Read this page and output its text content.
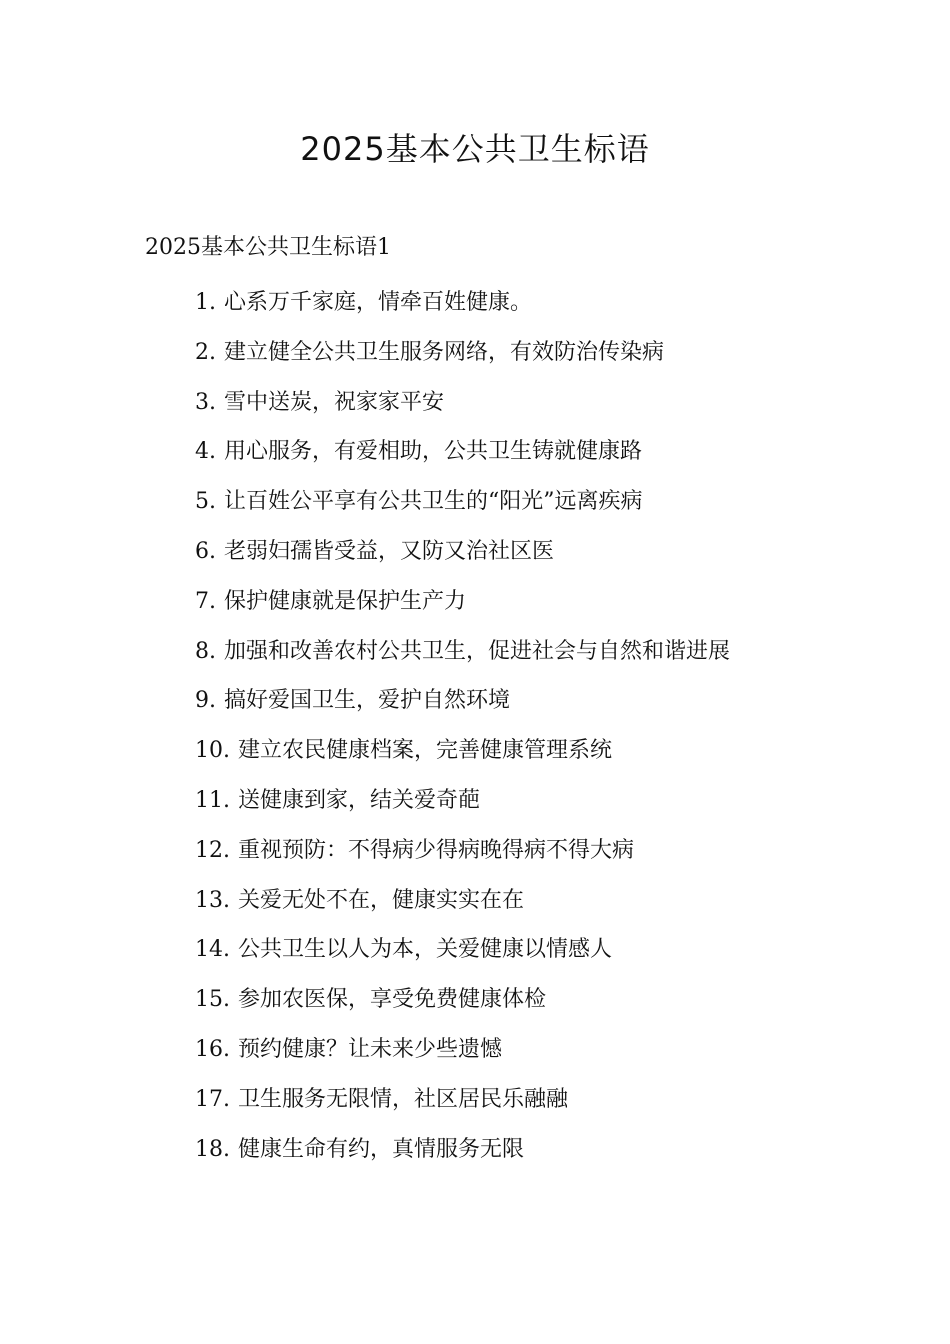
2025基本公共卫生标语
2025基本公共卫生标语1
1. 心系万千家庭，情牵百姓健康。
2. 建立健全公共卫生服务网络，有效防治传染病
3. 雪中送炭，祝家家平安
4. 用心服务，有爱相助，公共卫生铸就健康路
5. 让百姓公平享有公共卫生的“阳光”远离疾病
6. 老弱妇孺皆受益，又防又治社区医
7. 保护健康就是保护生产力
8. 加强和改善农村公共卫生，促进社会与自然和谐进展
9. 搞好爱国卫生，爱护自然环境
10. 建立农民健康档案，完善健康管理系统
11. 送健康到家，结关爱奇葩
12. 重视预防：不得病少得病晚得病不得大病
13. 关爱无处不在，健康实实在在
14. 公共卫生以人为本，关爱健康以情感人
15. 参加农医保，享受免费健康体检
16. 预约健康？让未来少些遗憾
17. 卫生服务无限情，社区居民乐融融
18. 健康生命有约，真情服务无限
